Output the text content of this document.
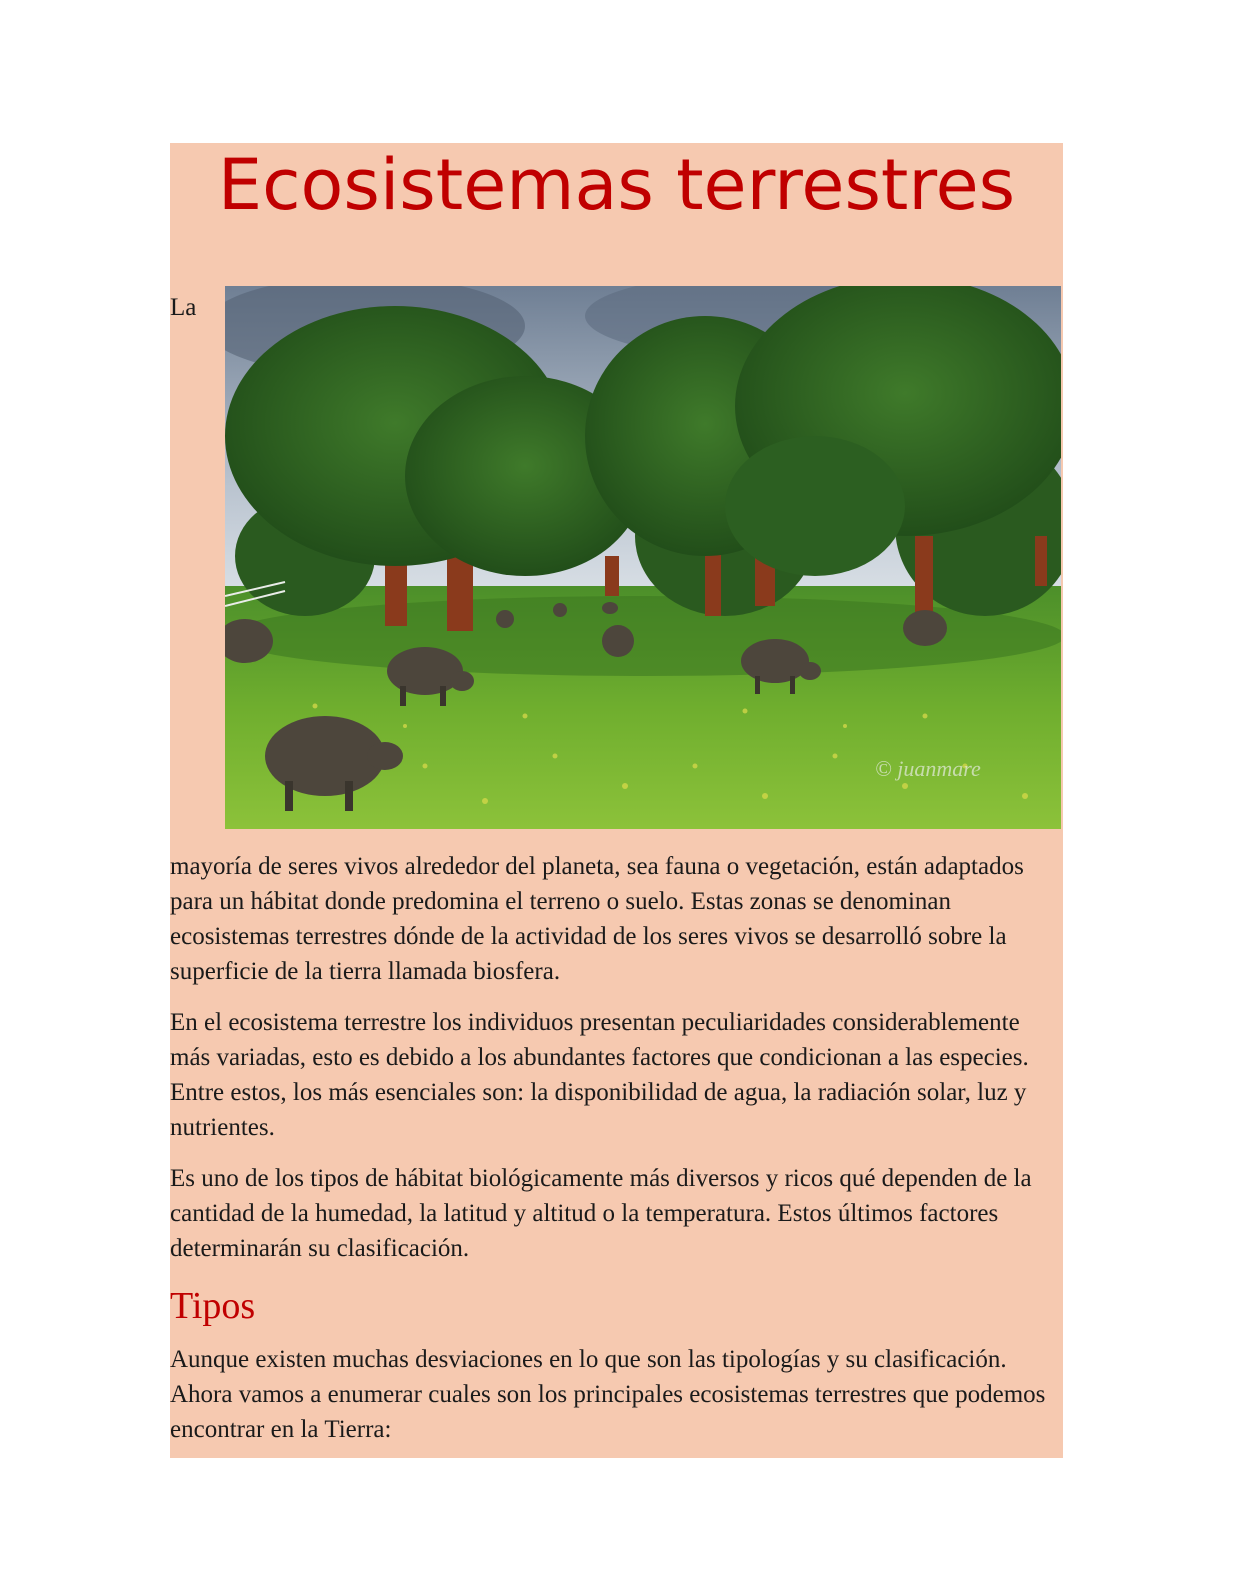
Ecosistemas terrestres
La
© juanmare

mayoría de seres vivos alrededor del planeta, sea fauna o vegetación, están adaptados para un hábitat donde predomina el terreno o suelo. Estas zonas se denominan ecosistemas terrestres dónde de la actividad de los seres vivos se desarrolló sobre la superficie de la tierra llamada biosfera.

En el ecosistema terrestre los individuos presentan peculiaridades considerablemente más variadas, esto es debido a los abundantes factores que condicionan a las especies. Entre estos, los más esenciales son: la disponibilidad de agua, la radiación solar, luz y nutrientes.

Es uno de los tipos de hábitat biológicamente más diversos y ricos qué dependen de la cantidad de la humedad, la latitud y altitud o la temperatura. Estos últimos factores determinarán su clasificación.

Tipos

Aunque existen muchas desviaciones en lo que son las tipologías y su clasificación. Ahora vamos a enumerar cuales son los principales ecosistemas terrestres que podemos encontrar en la Tierra:
